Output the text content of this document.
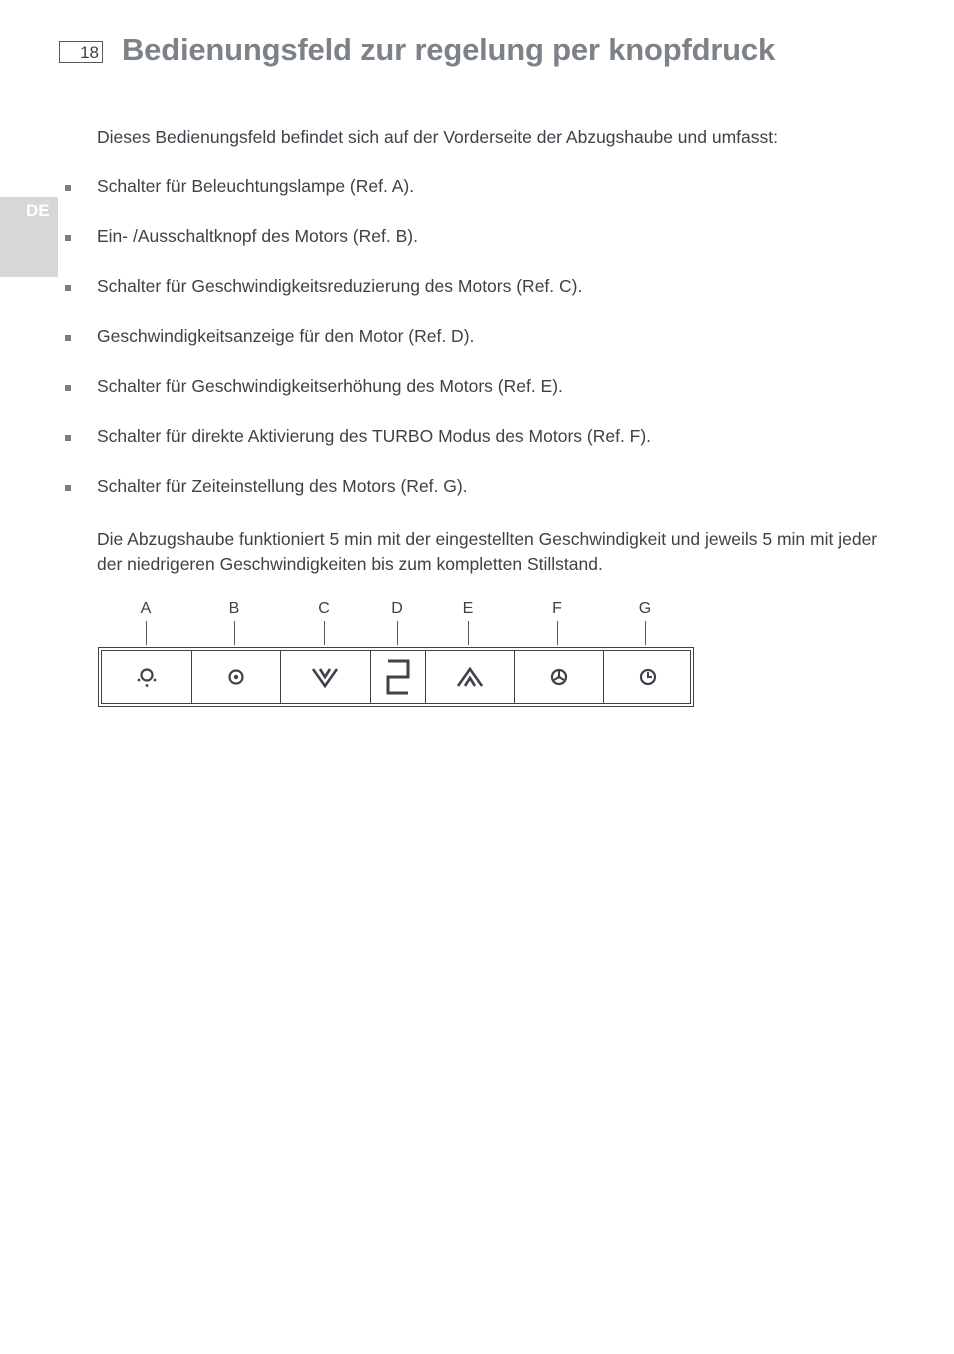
18 Bedienungsfeld zur regelung per knopfdruck
DE

Dieses Bedienungsfeld befindet sich auf der Vorderseite der Abzugshaube und umfasst:

Schalter für Beleuchtungslampe (Ref. A).
Ein- /Ausschaltknopf des Motors (Ref. B).
Schalter für Geschwindigkeitsreduzierung des Motors (Ref. C).
Geschwindigkeitsanzeige für den Motor (Ref. D).
Schalter für Geschwindigkeitserhöhung des Motors (Ref. E).
Schalter für direkte Aktivierung des TURBO Modus des Motors (Ref. F).
Schalter für Zeiteinstellung des Motors (Ref. G).

Die Abzugshaube funktioniert 5 min mit der eingestellten Geschwindigkeit und jeweils 5 min mit jeder der niedrigeren Geschwindigkeiten bis zum kompletten Stillstand.

A	B	C	D	E	F	G
2
